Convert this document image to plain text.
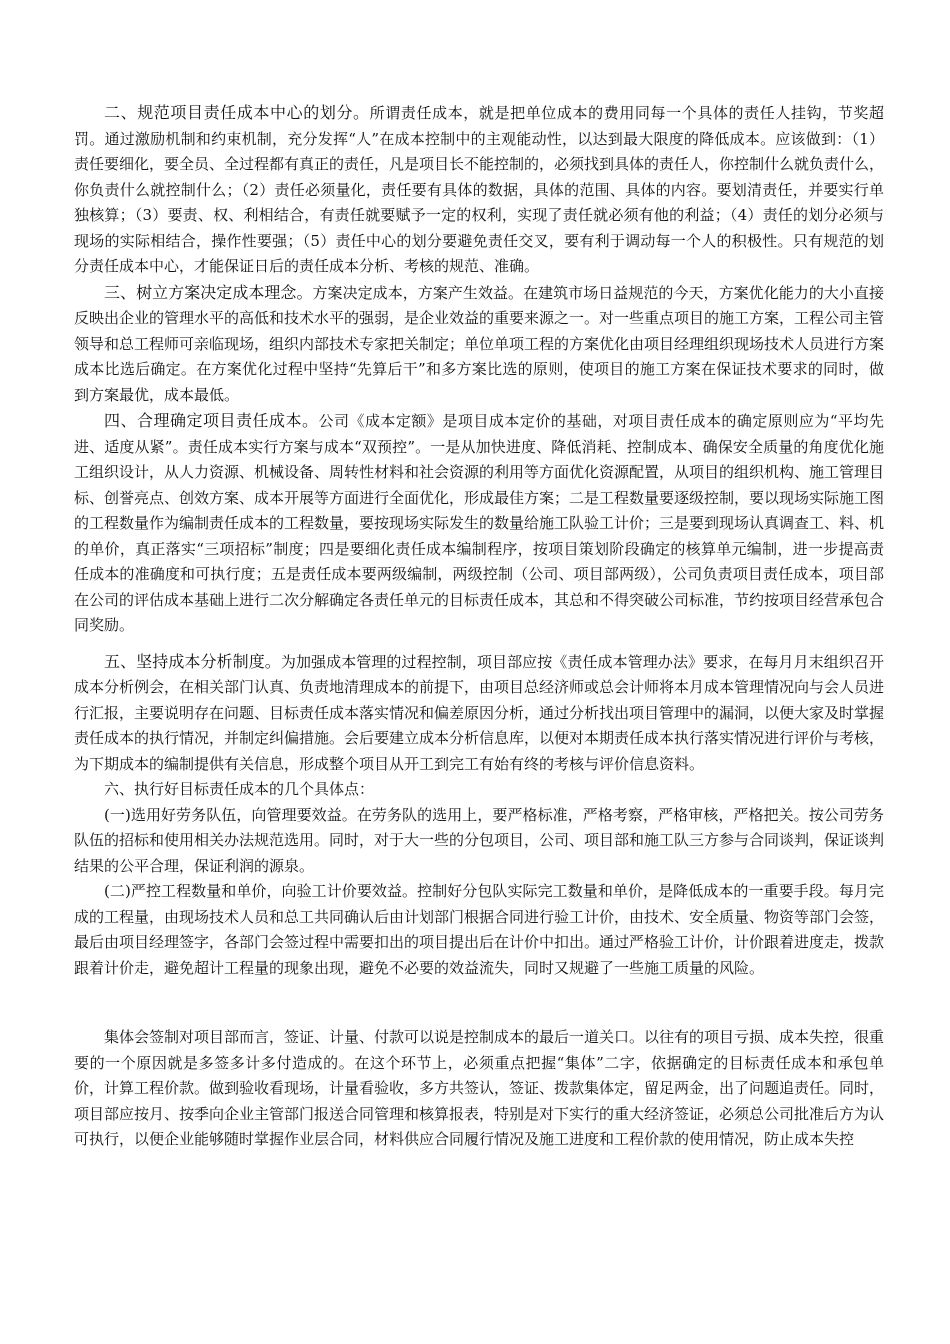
二、规范项目责任成本中心的划分。所谓责任成本，就是把单位成本的费用同每一个具体的责任人挂钩，节奖超罚。通过激励机制和约束机制，充分发挥“人”在成本控制中的主观能动性，以达到最大限度的降低成本。应该做到：（1）责任要细化，要全员、全过程都有真正的责任，凡是项目长不能控制的，必须找到具体的责任人，你控制什么就负责什么，你负责什么就控制什么；（2）责任必须量化，责任要有具体的数据，具体的范围、具体的内容。要划清责任，并要实行单独核算；（3）要责、权、利相结合，有责任就要赋予一定的权利，实现了责任就必须有他的利益；（4）责任的划分必须与现场的实际相结合，操作性要强；（5）责任中心的划分要避免责任交叉，要有利于调动每一个人的积极性。只有规范的划分责任成本中心，才能保证日后的责任成本分析、考核的规范、准确。

三、树立方案决定成本理念。方案决定成本，方案产生效益。在建筑市场日益规范的今天，方案优化能力的大小直接反映出企业的管理水平的高低和技术水平的强弱，是企业效益的重要来源之一。对一些重点项目的施工方案，工程公司主管领导和总工程师可亲临现场，组织内部技术专家把关制定；单位单项工程的方案优化由项目经理组织现场技术人员进行方案成本比选后确定。在方案优化过程中坚持“先算后干”和多方案比选的原则，使项目的施工方案在保证技术要求的同时，做到方案最优，成本最低。

四、合理确定项目责任成本。公司《成本定额》是项目成本定价的基础，对项目责任成本的确定原则应为“平均先进、适度从紧”。责任成本实行方案与成本“双预控”。一是从加快进度、降低消耗、控制成本、确保安全质量的角度优化施工组织设计，从人力资源、机械设备、周转性材料和社会资源的利用等方面优化资源配置，从项目的组织机构、施工管理目标、创誉亮点、创效方案、成本开展等方面进行全面优化，形成最佳方案；二是工程数量要逐级控制，要以现场实际施工图的工程数量作为编制责任成本的工程数量，要按现场实际发生的数量给施工队验工计价；三是要到现场认真调查工、料、机的单价，真正落实“三项招标”制度；四是要细化责任成本编制程序，按项目策划阶段确定的核算单元编制，进一步提高责任成本的准确度和可执行度；五是责任成本要两级编制，两级控制（公司、项目部两级），公司负责项目责任成本，项目部在公司的评估成本基础上进行二次分解确定各责任单元的目标责任成本，其总和不得突破公司标准，节约按项目经营承包合同奖励。

五、坚持成本分析制度。为加强成本管理的过程控制，项目部应按《责任成本管理办法》要求，在每月月末组织召开成本分析例会，在相关部门认真、负责地清理成本的前提下，由项目总经济师或总会计师将本月成本管理情况向与会人员进行汇报，主要说明存在问题、目标责任成本落实情况和偏差原因分析，通过分析找出项目管理中的漏洞，以便大家及时掌握责任成本的执行情况，并制定纠偏措施。会后要建立成本分析信息库，以便对本期责任成本执行落实情况进行评价与考核，为下期成本的编制提供有关信息，形成整个项目从开工到完工有始有终的考核与评价信息资料。

六、执行好目标责任成本的几个具体点：

(一)选用好劳务队伍，向管理要效益。在劳务队的选用上，要严格标准，严格考察，严格审核，严格把关。按公司劳务队伍的招标和使用相关办法规范选用。同时，对于大一些的分包项目，公司、项目部和施工队三方参与合同谈判，保证谈判结果的公平合理，保证利润的源泉。

(二)严控工程数量和单价，向验工计价要效益。控制好分包队实际完工数量和单价，是降低成本的一重要手段。每月完成的工程量，由现场技术人员和总工共同确认后由计划部门根据合同进行验工计价，由技术、安全质量、物资等部门会签，最后由项目经理签字，各部门会签过程中需要扣出的项目提出后在计价中扣出。通过严格验工计价，计价跟着进度走，拨款跟着计价走，避免超计工程量的现象出现，避免不必要的效益流失，同时又规避了一些施工质量的风险。

集体会签制对项目部而言，签证、计量、付款可以说是控制成本的最后一道关口。以往有的项目亏损、成本失控，很重要的一个原因就是多签多计多付造成的。在这个环节上，必须重点把握“集体”二字，依据确定的目标责任成本和承包单价，计算工程价款。做到验收看现场，计量看验收，多方共签认，签证、拨款集体定，留足两金，出了问题追责任。同时，项目部应按月、按季向企业主管部门报送合同管理和核算报表，特别是对下实行的重大经济签证，必须总公司批准后方为认可执行，以便企业能够随时掌握作业层合同，材料供应合同履行情况及施工进度和工程价款的使用情况，防止成本失控
